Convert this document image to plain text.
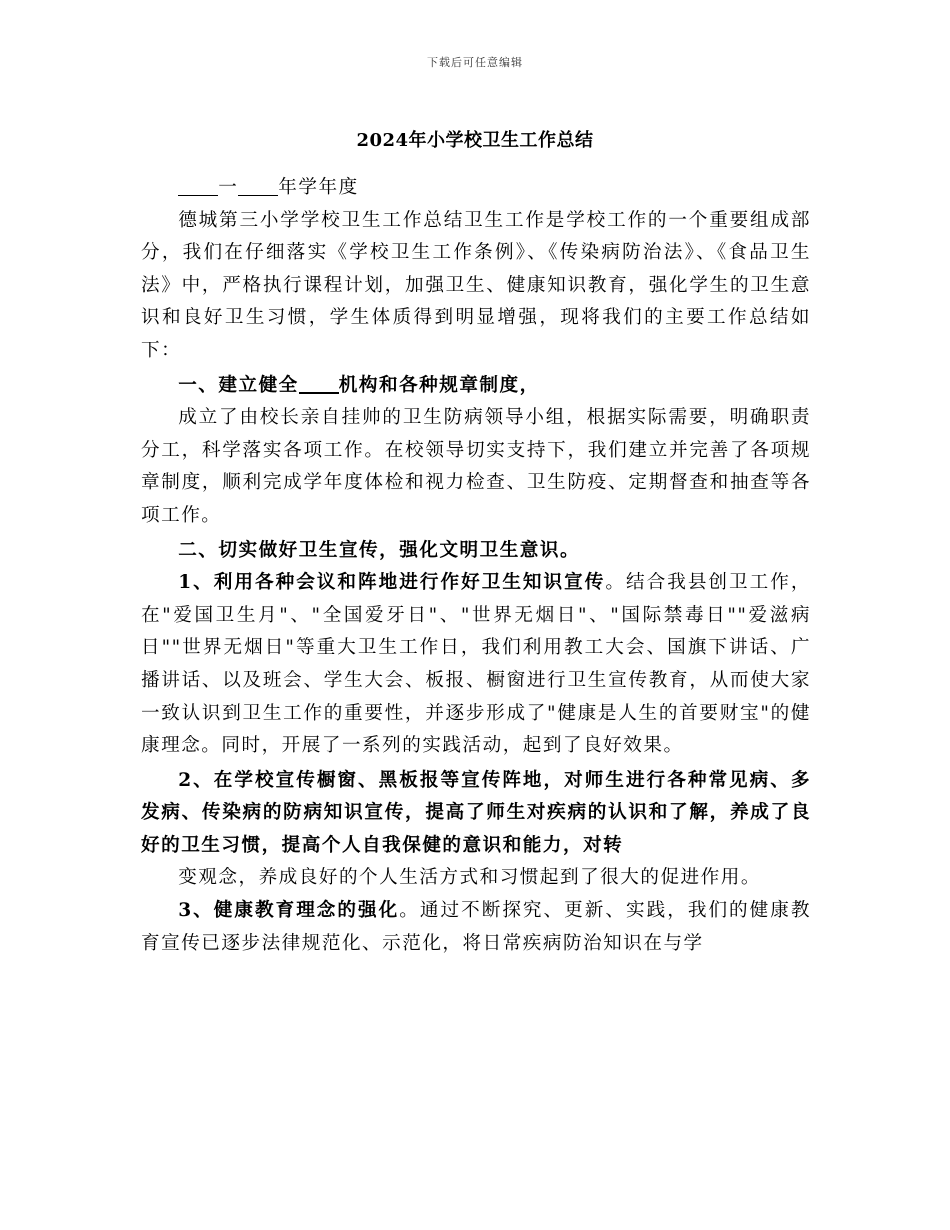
下载后可任意编辑
2024年小学校卫生工作总结

一 年学年度

德城第三小学学校卫生工作总结卫生工作是学校工作的一个重要组成部分，我们在仔细落实《学校卫生工作条例》、《传染病防治法》、《食品卫生法》中，严格执行课程计划，加强卫生、健康知识教育，强化学生的卫生意识和良好卫生习惯，学生体质得到明显增强，现将我们的主要工作总结如下：

一、建立健全 机构和各种规章制度，

成立了由校长亲自挂帅的卫生防病领导小组，根据实际需要，明确职责分工，科学落实各项工作。在校领导切实支持下，我们建立并完善了各项规章制度，顺利完成学年度体检和视力检查、卫生防疫、定期督查和抽查等各项工作。

二、切实做好卫生宣传，强化文明卫生意识。

1、利用各种会议和阵地进行作好卫生知识宣传。结合我县创卫工作，在"爱国卫生月"、"全国爱牙日"、"世界无烟日"、"国际禁毒日""爱滋病日""世界无烟日"等重大卫生工作日，我们利用教工大会、国旗下讲话、广播讲话、以及班会、学生大会、板报、橱窗进行卫生宣传教育，从而使大家一致认识到卫生工作的重要性，并逐步形成了"健康是人生的首要财宝"的健康理念。同时，开展了一系列的实践活动，起到了良好效果。

2、在学校宣传橱窗、黑板报等宣传阵地，对师生进行各种常见病、多发病、传染病的防病知识宣传，提高了师生对疾病的认识和了解，养成了良好的卫生习惯，提高个人自我保健的意识和能力，对转

变观念，养成良好的个人生活方式和习惯起到了很大的促进作用。

3、健康教育理念的强化。通过不断探究、更新、实践，我们的健康教育宣传已逐步法律规范化、示范化，将日常疾病防治知识在与学
